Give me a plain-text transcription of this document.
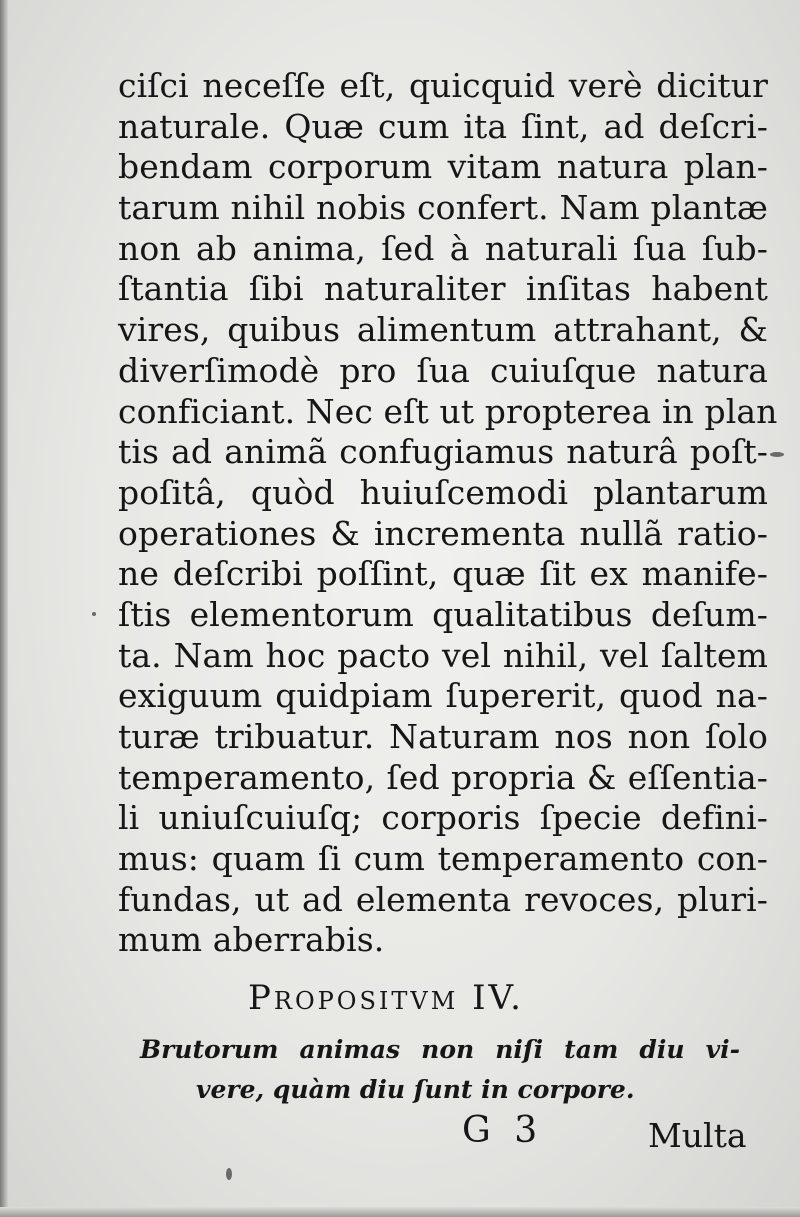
ciſci neceſſe eſt, quicquid verè dicitur
naturale. Quæ cum ita ſint, ad deſcri-
bendam corporum vitam natura plan-
tarum nihil nobis confert. Nam plantæ
non ab anima, ſed à naturali ſua ſub-
ſtantia ſibi naturaliter inſitas habent
vires, quibus alimentum attrahant, &
diverſimodè pro ſua cuiuſque natura
conficiant. Nec eſt ut propterea in plan
tis ad animã confugiamus naturâ poſt-
poſitâ, quòd huiuſcemodi plantarum
operationes & incrementa nullã ratio-
ne deſcribi poſſint, quæ ſit ex manife-
ſtis elementorum qualitatibus deſum-
ta. Nam hoc pacto vel nihil, vel ſaltem
exiguum quidpiam ſupererit, quod na-
turæ tribuatur. Naturam nos non ſolo
temperamento, ſed propria & eſſentia-
li uniuſcuiuſq; corporis ſpecie defini-
mus: quam ſi cum temperamento con-
fundas, ut ad elementa revoces, pluri-
mum aberrabis.
Propositvm IV.
Brutorum animas non niſi tam diu vi-
vere, quàm diu ſunt in corpore.
G 3	Multa
